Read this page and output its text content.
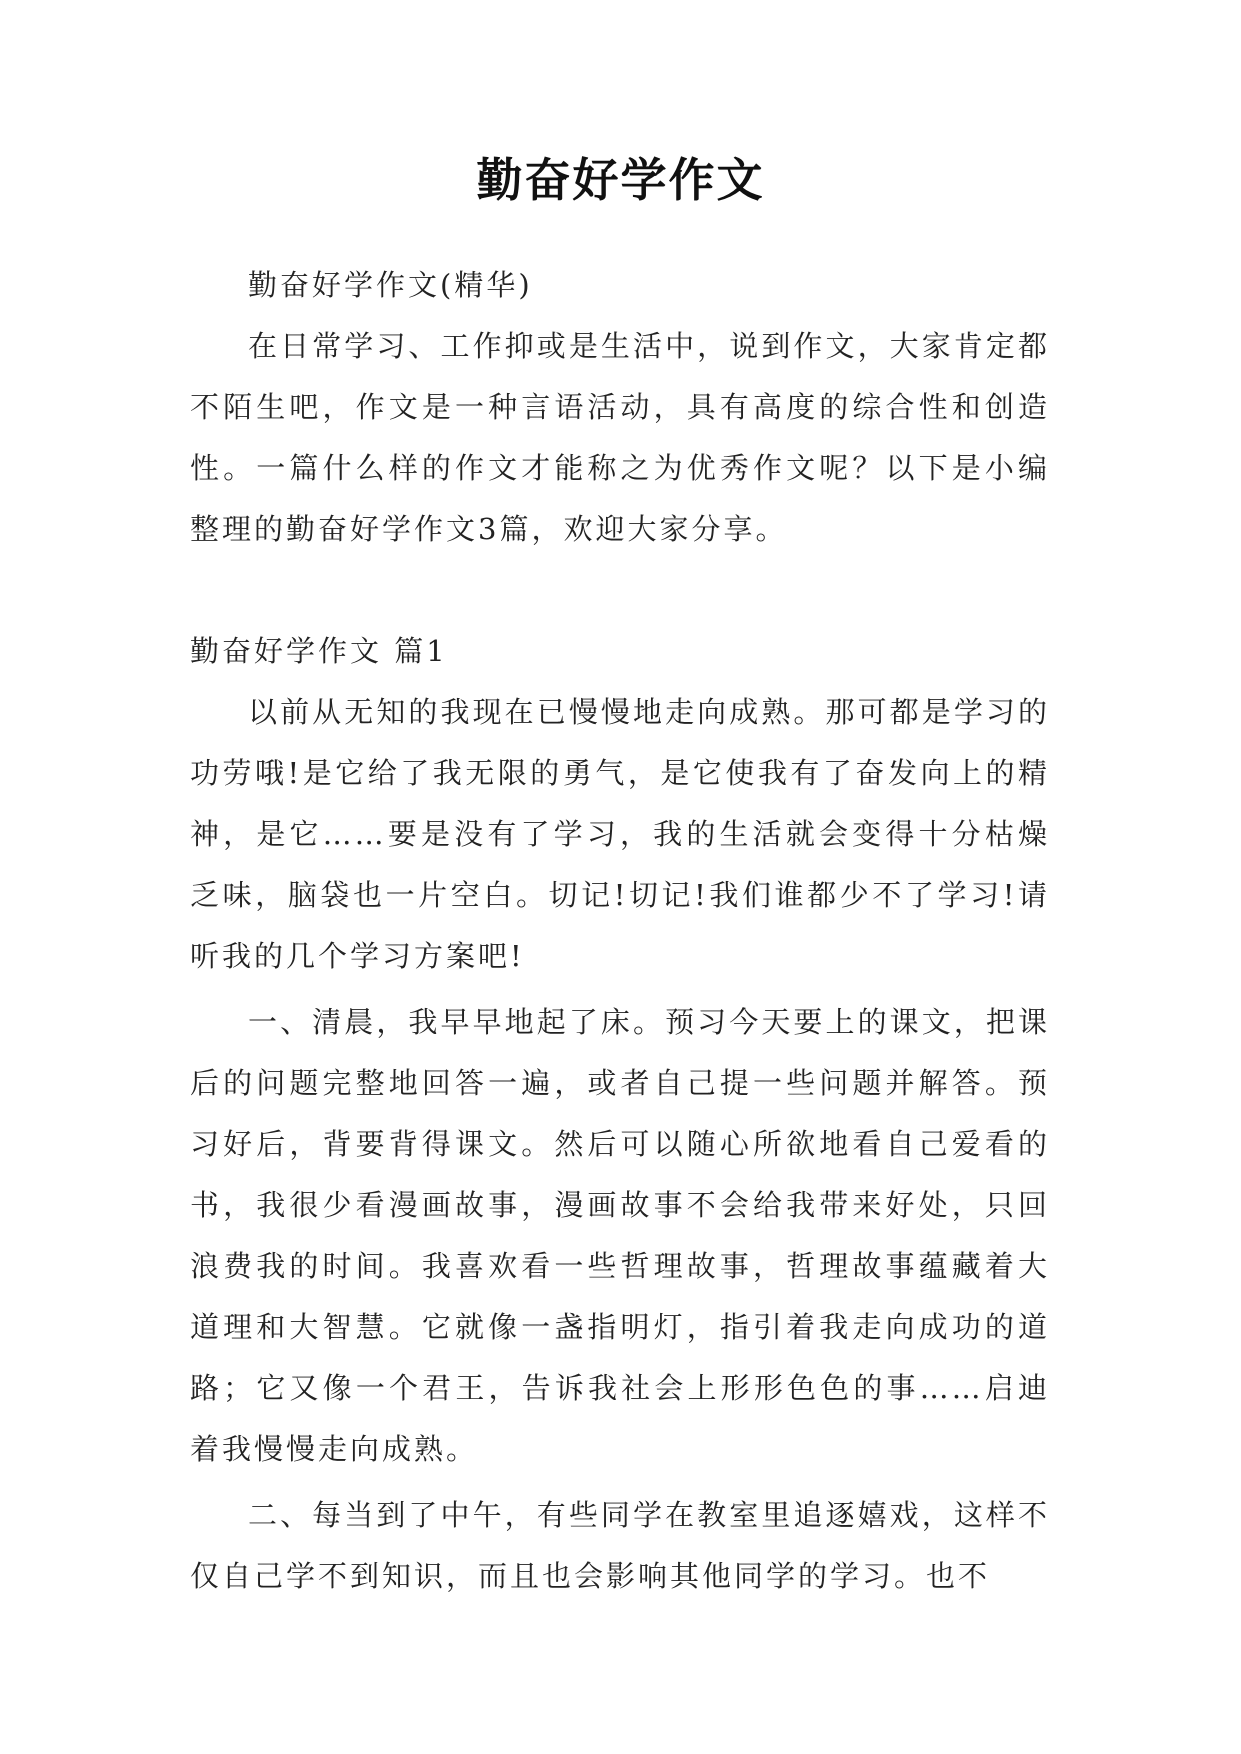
勤奋好学作文

勤奋好学作文(精华)

在日常学习、工作抑或是生活中，说到作文，大家肯定都不陌生吧，作文是一种言语活动，具有高度的综合性和创造性。一篇什么样的作文才能称之为优秀作文呢？以下是小编整理的勤奋好学作文3篇，欢迎大家分享。

勤奋好学作文 篇1

以前从无知的我现在已慢慢地走向成熟。那可都是学习的功劳哦!是它给了我无限的勇气，是它使我有了奋发向上的精神，是它……要是没有了学习，我的生活就会变得十分枯燥乏味，脑袋也一片空白。切记!切记!我们谁都少不了学习!请听我的几个学习方案吧!

一、清晨，我早早地起了床。预习今天要上的课文，把课后的问题完整地回答一遍，或者自己提一些问题并解答。预习好后，背要背得课文。然后可以随心所欲地看自己爱看的书，我很少看漫画故事，漫画故事不会给我带来好处，只回浪费我的时间。我喜欢看一些哲理故事，哲理故事蕴藏着大道理和大智慧。它就像一盏指明灯，指引着我走向成功的道路；它又像一个君王，告诉我社会上形形色色的事……启迪着我慢慢走向成熟。

二、每当到了中午，有些同学在教室里追逐嬉戏，这样不仅自己学不到知识，而且也会影响其他同学的学习。也不
